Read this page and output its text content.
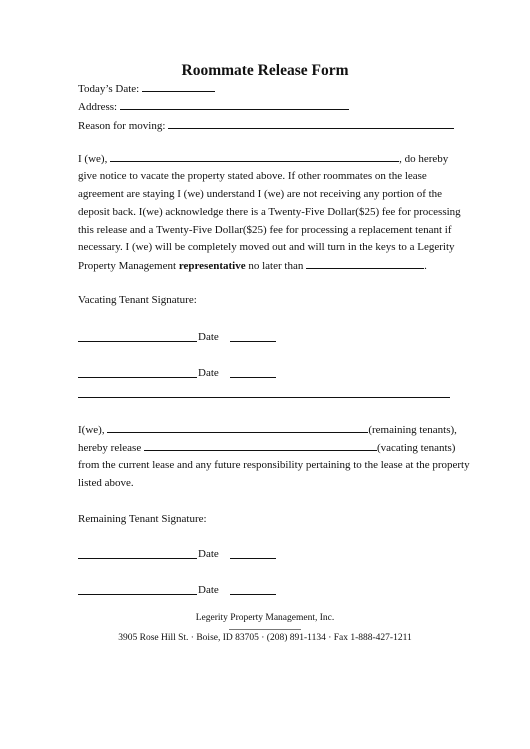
Roommate Release Form
Today’s Date:
Address:
Reason for moving:
I (we),	, do hereby
give notice to vacate the property stated above. If other roommates on the lease
agreement are staying I (we) understand I (we) are not receiving any portion of the
deposit back. I(we) acknowledge there is a Twenty-Five Dollar($25) fee for processing
this release and a Twenty-Five Dollar($25) fee for processing a replacement tenant if
necessary. I (we) will be completely moved out and will turn in the keys to a Legerity
Property Management representative no later than	.
Vacating Tenant Signature:
Date
Date
I(we),	(remaining tenants),
hereby release	(vacating tenants)
from the current lease and any future responsibility pertaining to the lease at the property
listed above.
Remaining Tenant Signature:
Date
Date
Legerity Property Management, Inc.
3905 Rose Hill St. · Boise, ID 83705 · (208) 891-1134 · Fax 1-888-427-1211
